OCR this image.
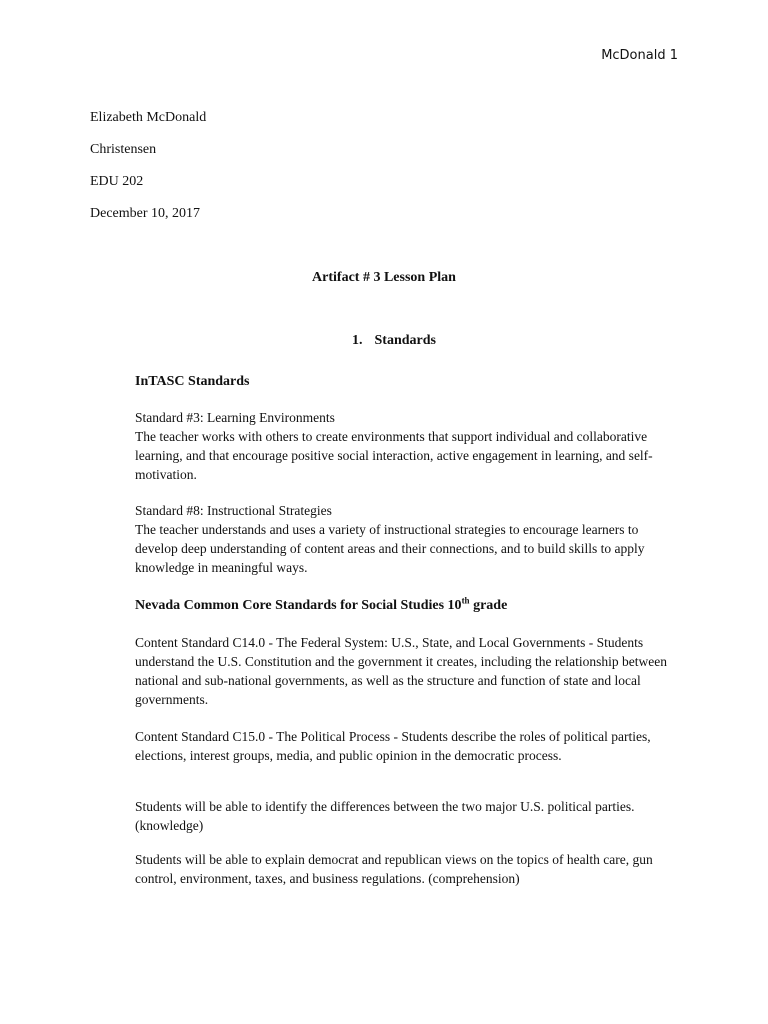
McDonald 1
Elizabeth McDonald
Christensen
EDU 202
December 10, 2017
Artifact # 3 Lesson Plan
1. Standards

InTASC Standards

Standard #3: Learning Environments

The teacher works with others to create environments that support individual and collaborative learning, and that encourage positive social interaction, active engagement in learning, and self-motivation.

Standard #8: Instructional Strategies

The teacher understands and uses a variety of instructional strategies to encourage learners to develop deep understanding of content areas and their connections, and to build skills to apply knowledge in meaningful ways.

Nevada Common Core Standards for Social Studies 10th grade

Content Standard C14.0 - The Federal System: U.S., State, and Local Governments - Students understand the U.S. Constitution and the government it creates, including the relationship between national and sub-national governments, as well as the structure and function of state and local governments.

Content Standard C15.0 - The Political Process - Students describe the roles of political parties, elections, interest groups, media, and public opinion in the democratic process.

Students will be able to identify the differences between the two major U.S. political parties. (knowledge)

Students will be able to explain democrat and republican views on the topics of health care, gun control, environment, taxes, and business regulations. (comprehension)
